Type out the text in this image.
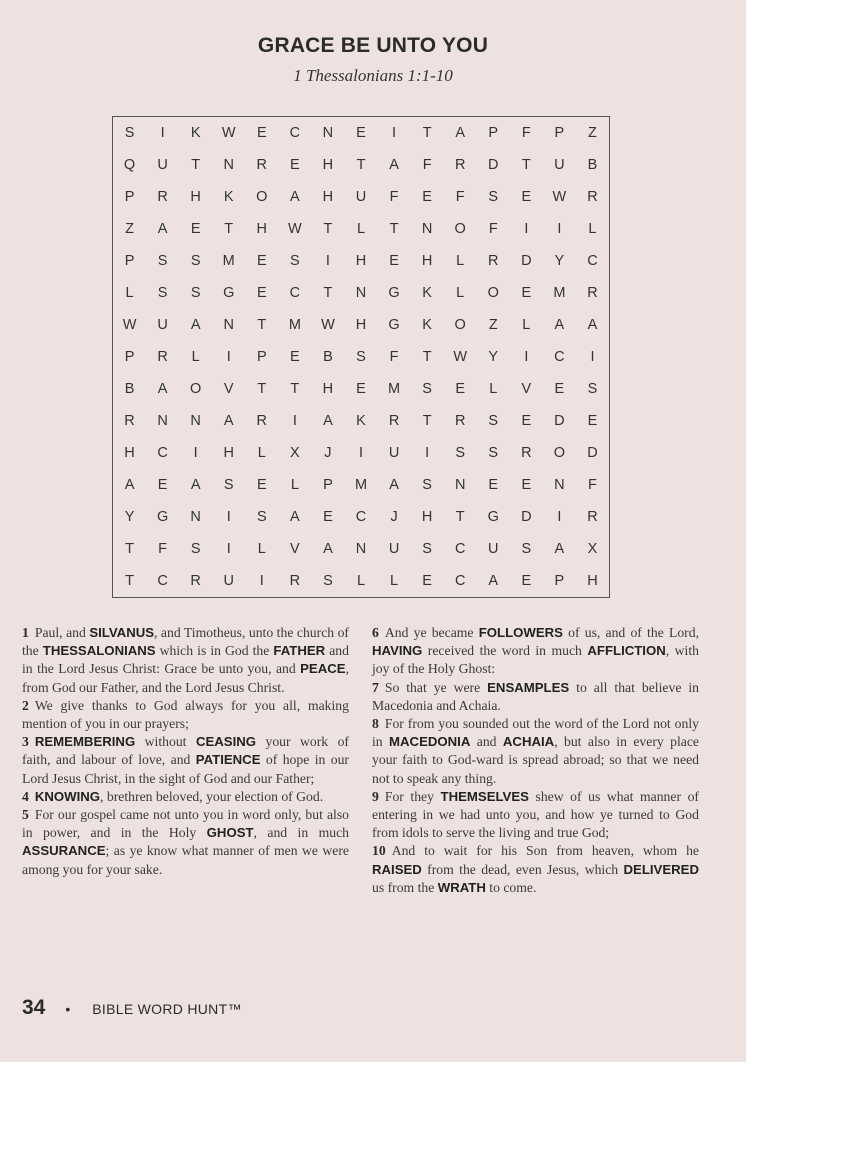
GRACE BE UNTO YOU
1 Thessalonians 1:1-10
S	I	K	W	E	C	N	E	I	T	A	P	F	P	Z
Q	U	T	N	R	E	H	T	A	F	R	D	T	U	B
P	R	H	K	O	A	H	U	F	E	F	S	E	W	R
Z	A	E	T	H	W	T	L	T	N	O	F	I	I	L
P	S	S	M	E	S	I	H	E	H	L	R	D	Y	C
L	S	S	G	E	C	T	N	G	K	L	O	E	M	R
W	U	A	N	T	M	W	H	G	K	O	Z	L	A	A
P	R	L	I	P	E	B	S	F	T	W	Y	I	C	I
B	A	O	V	T	T	H	E	M	S	E	L	V	E	S
R	N	N	A	R	I	A	K	R	T	R	S	E	D	E
H	C	I	H	L	X	J	I	U	I	S	S	R	O	D
A	E	A	S	E	L	P	M	A	S	N	E	E	N	F
Y	G	N	I	S	A	E	C	J	H	T	G	D	I	R
T	F	S	I	L	V	A	N	U	S	C	U	S	A	X
T	C	R	U	I	R	S	L	L	E	C	A	E	P	H

1 Paul, and SILVANUS, and Timotheus, unto the church of the THESSALONIANS which is in God the FATHER and in the Lord Jesus Christ: Grace be unto you, and PEACE, from God our Father, and the Lord Jesus Christ.

2 We give thanks to God always for you all, making mention of you in our prayers;

3 REMEMBERING without CEASING your work of faith, and labour of love, and PATIENCE of hope in our Lord Jesus Christ, in the sight of God and our Father;

4 KNOWING, brethren beloved, your election of God.

5 For our gospel came not unto you in word only, but also in power, and in the Holy GHOST, and in much ASSURANCE; as ye know what manner of men we were among you for your sake.

6 And ye became FOLLOWERS of us, and of the Lord, HAVING received the word in much AFFLICTION, with joy of the Holy Ghost:

7 So that ye were ENSAMPLES to all that believe in Macedonia and Achaia.

8 For from you sounded out the word of the Lord not only in MACEDONIA and ACHAIA, but also in every place your faith to God-ward is spread abroad; so that we need not to speak any thing.

9 For they THEMSELVES shew of us what manner of entering in we had unto you, and how ye turned to God from idols to serve the living and true God;

10 And to wait for his Son from heaven, whom he RAISED from the dead, even Jesus, which DELIVERED us from the WRATH to come.

34 • BIBLE WORD HUNT™
